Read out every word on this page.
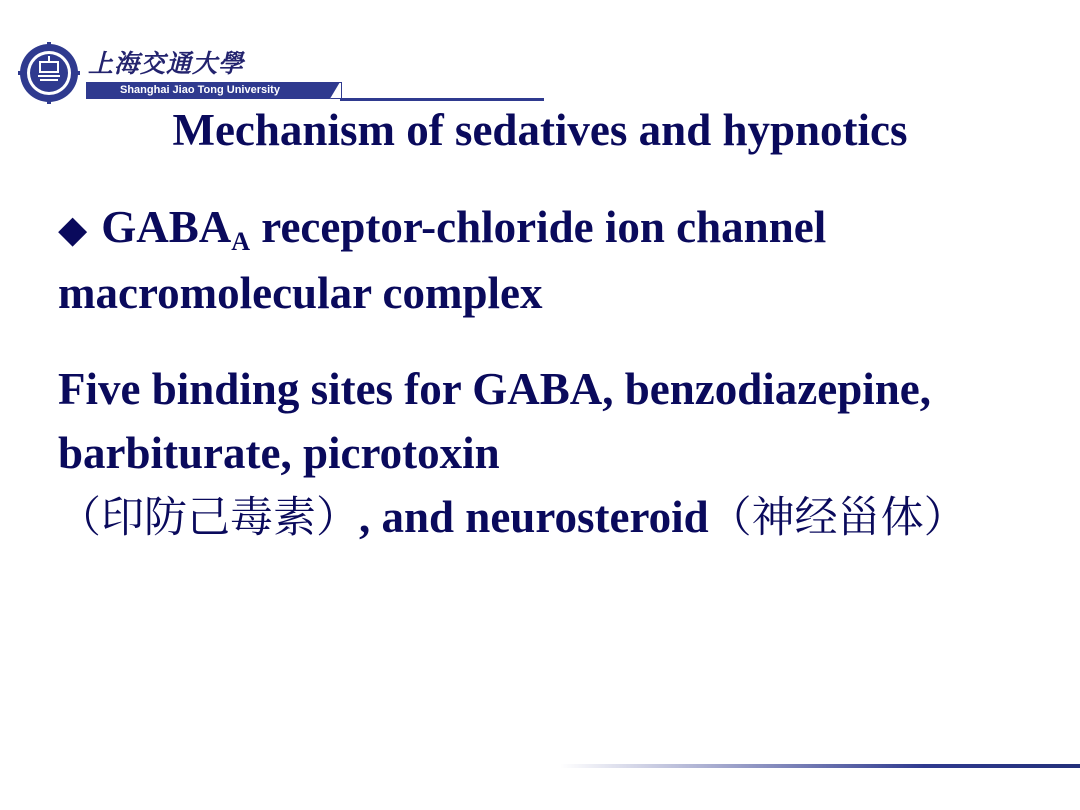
上海交通大學
Shanghai Jiao Tong University
Mechanism of sedatives and hypnotics
◆ $GABA_A$ receptor-chloride ion channel macromolecular complex
Five binding sites for GABA, benzodiazepine, barbiturate, picrotoxin
（印防己毒素）, and neurosteroid（神经甾体）
